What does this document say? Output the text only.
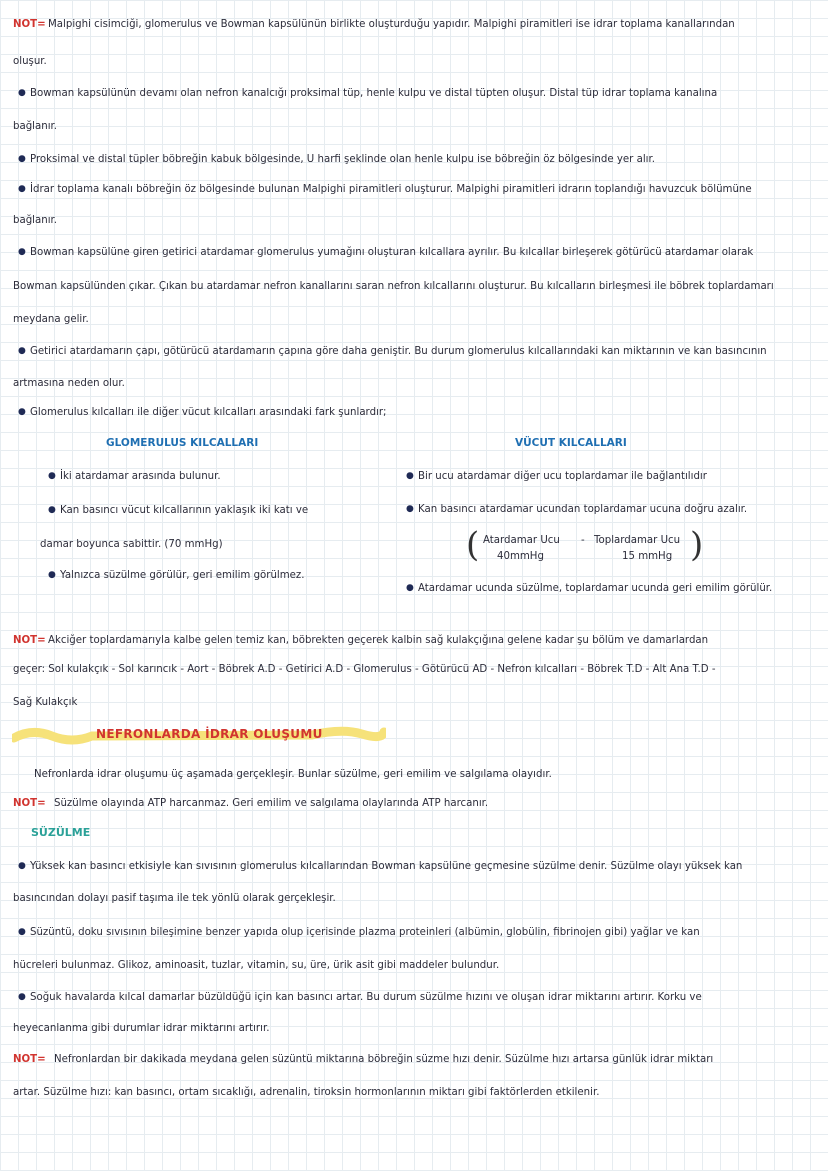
NOT= Malpighi cisimciği, glomerulus ve Bowman kapsülünün birlikte oluşturduğu yapıdır. Malpighi piramitleri ise idrar toplama kanallarından
oluşur.
● Bowman kapsülünün devamı olan nefron kanalcığı proksimal tüp, henle kulpu ve distal tüpten oluşur. Distal tüp idrar toplama kanalına
bağlanır.
● Proksimal ve distal tüpler böbreğin kabuk bölgesinde, U harfi şeklinde olan henle kulpu ise böbreğin öz bölgesinde yer alır.
● İdrar toplama kanalı böbreğin öz bölgesinde bulunan Malpighi piramitleri oluşturur. Malpighi piramitleri idrarın toplandığı havuzcuk bölümüne
bağlanır.
● Bowman kapsülüne giren getirici atardamar glomerulus yumağını oluşturan kılcallara ayrılır. Bu kılcallar birleşerek götürücü atardamar olarak
Bowman kapsülünden çıkar. Çıkan bu atardamar nefron kanallarını saran nefron kılcallarını oluşturur. Bu kılcalların birleşmesi ile böbrek toplardamarı
meydana gelir.
● Getirici atardamarın çapı, götürücü atardamarın çapına göre daha geniştir. Bu durum glomerulus kılcallarındaki kan miktarının ve kan basıncının
artmasına neden olur.
● Glomerulus kılcalları ile diğer vücut kılcalları arasındaki fark şunlardır;
GLOMERULUS KILCALLARI	VÜCUT KILCALLARI
● İki atardamar arasında bulunur.
● Kan basıncı vücut kılcallarının yaklaşık iki katı ve
damar boyunca sabittir. (70 mmHg)
● Yalnızca süzülme görülür, geri emilim görülmez.
● Bir ucu atardamar diğer ucu toplardamar ile bağlantılıdır
● Kan basıncı atardamar ucundan toplardamar ucuna doğru azalır.
( Atardamar Ucu - Toplardamar Ucu
40mmHg	15 mmHg )
● Atardamar ucunda süzülme, toplardamar ucunda geri emilim görülür.
NOT= Akciğer toplardamarıyla kalbe gelen temiz kan, böbrekten geçerek kalbin sağ kulakçığına gelene kadar şu bölüm ve damarlardan
geçer: Sol kulakçık - Sol karıncık - Aort - Böbrek A.D - Getirici A.D - Glomerulus - Götürücü AD - Nefron kılcalları - Böbrek T.D - Alt Ana T.D -
Sağ Kulakçık
NEFRONLARDA İDRAR OLUŞUMU
Nefronlarda idrar oluşumu üç aşamada gerçekleşir. Bunlar süzülme, geri emilim ve salgılama olayıdır.
NOT= Süzülme olayında ATP harcanmaz. Geri emilim ve salgılama olaylarında ATP harcanır.
SÜZÜLME
● Yüksek kan basıncı etkisiyle kan sıvısının glomerulus kılcallarından Bowman kapsülüne geçmesine süzülme denir. Süzülme olayı yüksek kan
basıncından dolayı pasif taşıma ile tek yönlü olarak gerçekleşir.
● Süzüntü, doku sıvısının bileşimine benzer yapıda olup içerisinde plazma proteinleri (albümin, globülin, fibrinojen gibi) yağlar ve kan
hücreleri bulunmaz. Glikoz, aminoasit, tuzlar, vitamin, su, üre, ürik asit gibi maddeler bulundur.
● Soğuk havalarda kılcal damarlar büzüldüğü için kan basıncı artar. Bu durum süzülme hızını ve oluşan idrar miktarını artırır. Korku ve
heyecanlanma gibi durumlar idrar miktarını artırır.
NOT= Nefronlardan bir dakikada meydana gelen süzüntü miktarına böbreğin süzme hızı denir. Süzülme hızı artarsa günlük idrar miktarı
artar. Süzülme hızı: kan basıncı, ortam sıcaklığı, adrenalin, tiroksin hormonlarının miktarı gibi faktörlerden etkilenir.
